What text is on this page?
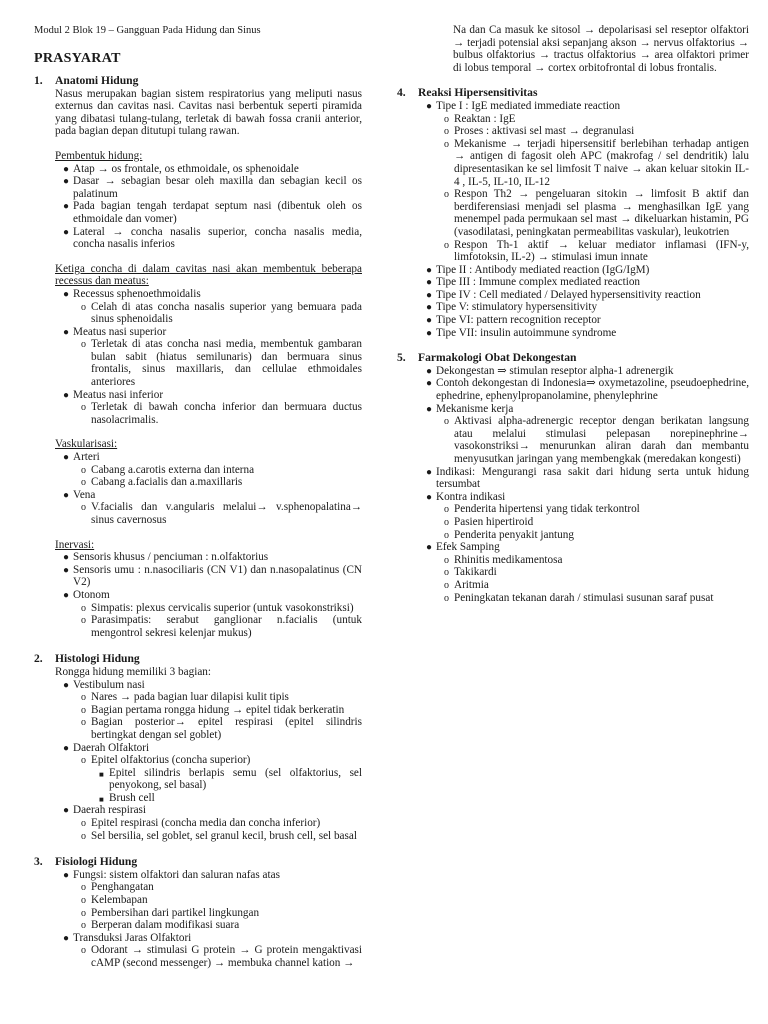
Modul 2 Blok 19 – Gangguan Pada Hidung dan Sinus
PRASYARAT
1. Anatomi Hidung
Nasus merupakan bagian sistem respiratorius yang meliputi nasus externus dan cavitas nasi. Cavitas nasi berbentuk seperti piramida yang dibatasi tulang-tulang, terletak di bawah fossa cranii anterior, pada bagian depan ditutupi tulang rawan.
Pembentuk hidung:
● Atap → os frontale, os ethmoidale, os sphenoidale
● Dasar → sebagian besar oleh maxilla dan sebagian kecil os palatinum
● Pada bagian tengah terdapat septum nasi (dibentuk oleh os ethmoidale dan vomer)
● Lateral → concha nasalis superior, concha nasalis media, concha nasalis inferios
Ketiga concha di dalam cavitas nasi akan membentuk beberapa recessus dan meatus:
● Recessus sphenoethmoidalis
o Celah di atas concha nasalis superior yang bemuara pada sinus sphenoidalis
● Meatus nasi superior
o Terletak di atas concha nasi media, membentuk gambaran bulan sabit (hiatus semilunaris) dan bermuara sinus frontalis, sinus maxillaris, dan cellulae ethmoidales anteriores
● Meatus nasi inferior
o Terletak di bawah concha inferior dan bermuara ductus nasolacrimalis.
Vaskularisasi:
● Arteri
o Cabang a.carotis externa dan interna
o Cabang a.facialis dan a.maxillaris
● Vena
o V.facialis dan v.angularis melalui→ v.sphenopalatina→ sinus cavernosus
Inervasi:
● Sensoris khusus / penciuman : n.olfaktorius
● Sensoris umu : n.nasociliaris (CN V1) dan n.nasopalatinus (CN V2)
● Otonom
o Simpatis: plexus cervicalis superior (untuk vasokonstriksi)
o Parasimpatis: serabut ganglionar n.facialis (untuk mengontrol sekresi kelenjar mukus)
2. Histologi Hidung
Rongga hidung memiliki 3 bagian:
● Vestibulum nasi
o Nares → pada bagian luar dilapisi kulit tipis
o Bagian pertama rongga hidung → epitel tidak berkeratin
o Bagian posterior→ epitel respirasi (epitel silindris bertingkat dengan sel goblet)
● Daerah Olfaktori
o Epitel olfaktorius (concha superior)
■ Epitel silindris berlapis semu (sel olfaktorius, sel penyokong, sel basal)
■ Brush cell
● Daerah respirasi
o Epitel respirasi (concha media dan concha inferior)
o Sel bersilia, sel goblet, sel granul kecil, brush cell, sel basal
3. Fisiologi Hidung
● Fungsi: sistem olfaktori dan saluran nafas atas
o Penghangatan
o Kelembapan
o Pembersihan dari partikel lingkungan
o Berperan dalam modifikasi suara
● Transduksi Jaras Olfaktori
o Odorant → stimulasi G protein → G protein mengaktivasi cAMP (second messenger) → membuka channel kation →
Na dan Ca masuk ke sitosol → depolarisasi sel reseptor olfaktori → terjadi potensial aksi sepanjang akson → nervus olfaktorius → bulbus olfaktorius → tractus olfaktorius → area olfaktori primer di lobus temporal → cortex orbitofrontal di lobus frontalis.
4. Reaksi Hipersensitivitas
● Tipe I : IgE mediated immediate reaction
o Reaktan : IgE
o Proses : aktivasi sel mast → degranulasi
o Mekanisme → terjadi hipersensitif berlebihan terhadap antigen → antigen di fagosit oleh APC (makrofag / sel dendritik) lalu dipresentasikan ke sel limfosit T naive → akan keluar sitokin IL-4 , IL-5, IL-10, IL-12
o Respon Th2 → pengeluaran sitokin → limfosit B aktif dan berdiferensiasi menjadi sel plasma → menghasilkan IgE yang menempel pada permukaan sel mast → dikeluarkan histamin, PG (vasodilatasi, peningkatan permeabilitas vaskular), leukotrien
o Respon Th-1 aktif → keluar mediator inflamasi (IFN-y, limfotoksin, IL-2) → stimulasi imun innate
● Tipe II : Antibody mediated reaction (IgG/IgM)
● Tipe III : Immune complex mediated reaction
● Tipe IV : Cell mediated / Delayed hypersensitivity reaction
● Tipe V: stimulatory hypersensitivity
● Tipe VI: pattern recognition receptor
● Tipe VII: insulin autoimmune syndrome
5. Farmakologi Obat Dekongestan
● Dekongestan ⇒ stimulan reseptor alpha-1 adrenergik
● Contoh dekongestan di Indonesia⇒ oxymetazoline, pseudoephedrine, ephedrine, ephenylpropanolamine, phenylephrine
● Mekanisme kerja
o Aktivasi alpha-adrenergic receptor dengan berikatan langsung atau melalui stimulasi pelepasan norepinephrine→ vasokonstriksi→ menurunkan aliran darah dan membantu menyusutkan jaringan yang membengkak (meredakan kongesti)
● Indikasi: Mengurangi rasa sakit dari hidung serta untuk hidung tersumbat
● Kontra indikasi
o Penderita hipertensi yang tidak terkontrol
o Pasien hipertiroid
o Penderita penyakit jantung
● Efek Samping
o Rhinitis medikamentosa
o Takikardi
o Aritmia
o Peningkatan tekanan darah / stimulasi susunan saraf pusat
